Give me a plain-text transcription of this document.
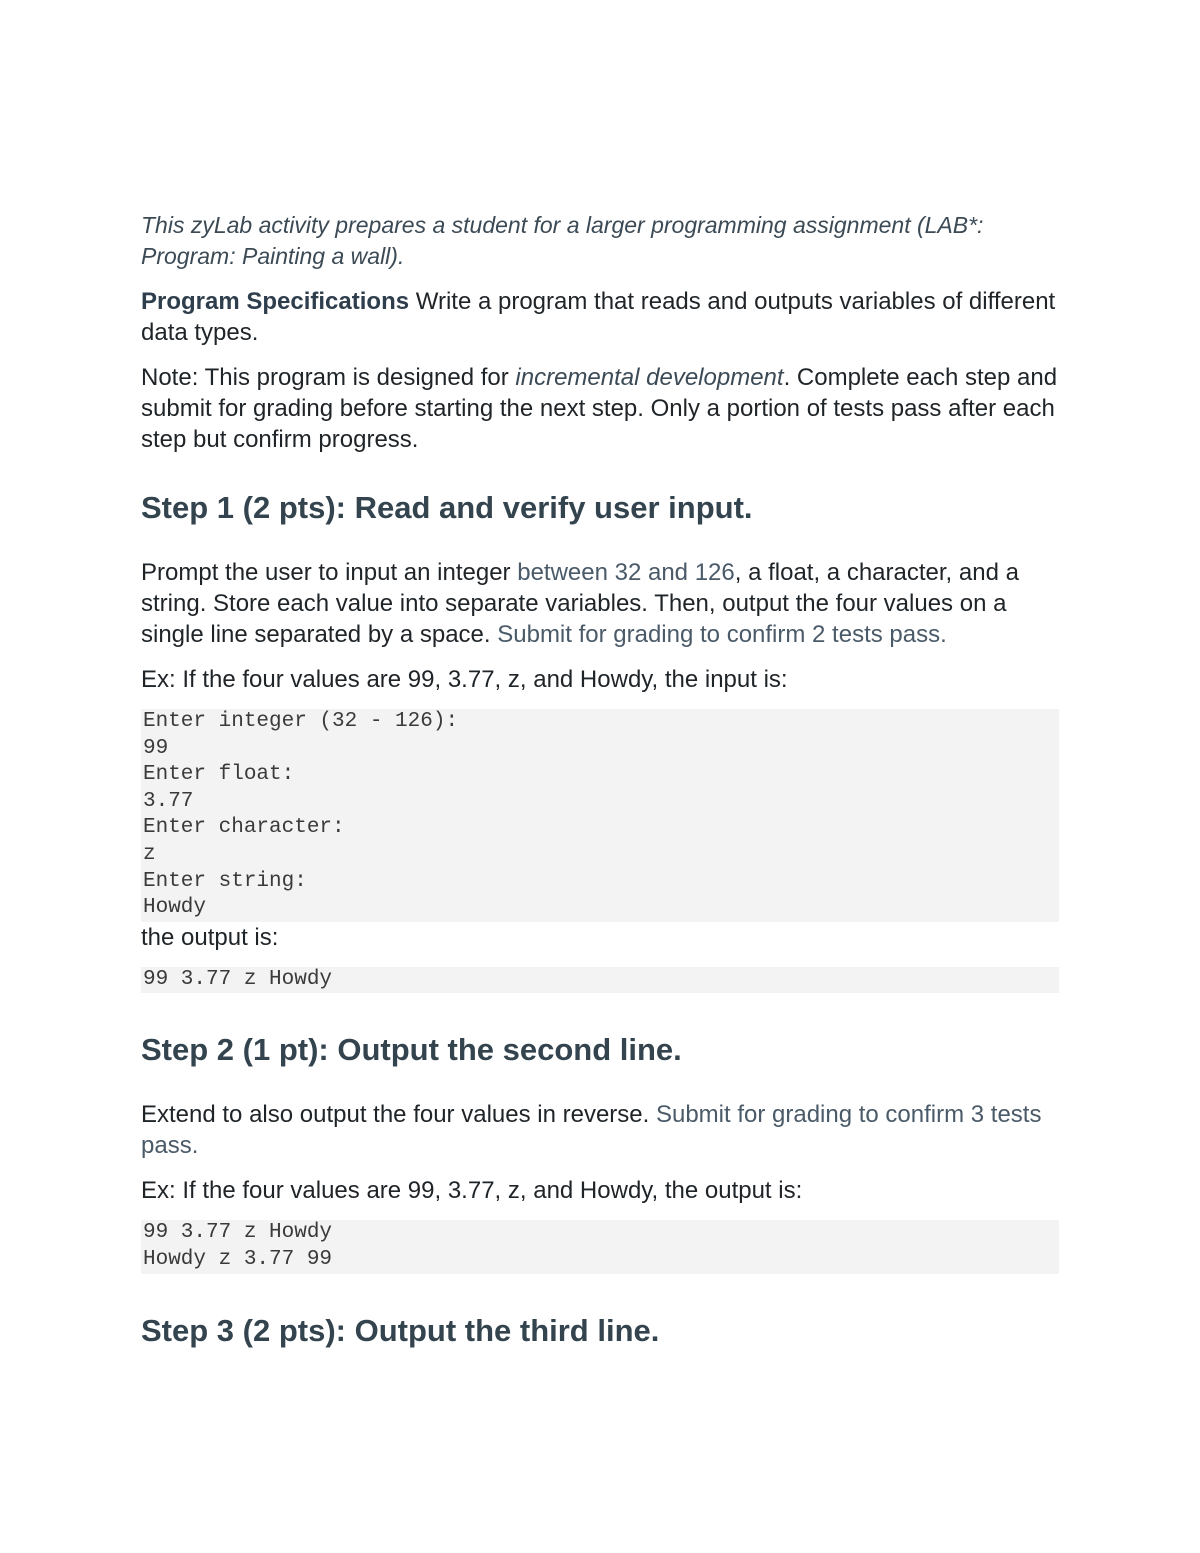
This zyLab activity prepares a student for a larger programming assignment (LAB*: Program: Painting a wall).

Program Specifications Write a program that reads and outputs variables of different data types.

Note: This program is designed for incremental development. Complete each step and submit for grading before starting the next step. Only a portion of tests pass after each step but confirm progress.

Step 1 (2 pts): Read and verify user input.

Prompt the user to input an integer between 32 and 126, a float, a character, and a string. Store each value into separate variables. Then, output the four values on a single line separated by a space. Submit for grading to confirm 2 tests pass.

Ex: If the four values are 99, 3.77, z, and Howdy, the input is:

Enter integer (32 - 126):
99
Enter float:
3.77
Enter character:
z
Enter string:
Howdy

the output is:

99 3.77 z Howdy
Step 2 (1 pt): Output the second line.

Extend to also output the four values in reverse. Submit for grading to confirm 3 tests pass.

Ex: If the four values are 99, 3.77, z, and Howdy, the output is:

99 3.77 z Howdy
Howdy z 3.77 99
Step 3 (2 pts): Output the third line.
